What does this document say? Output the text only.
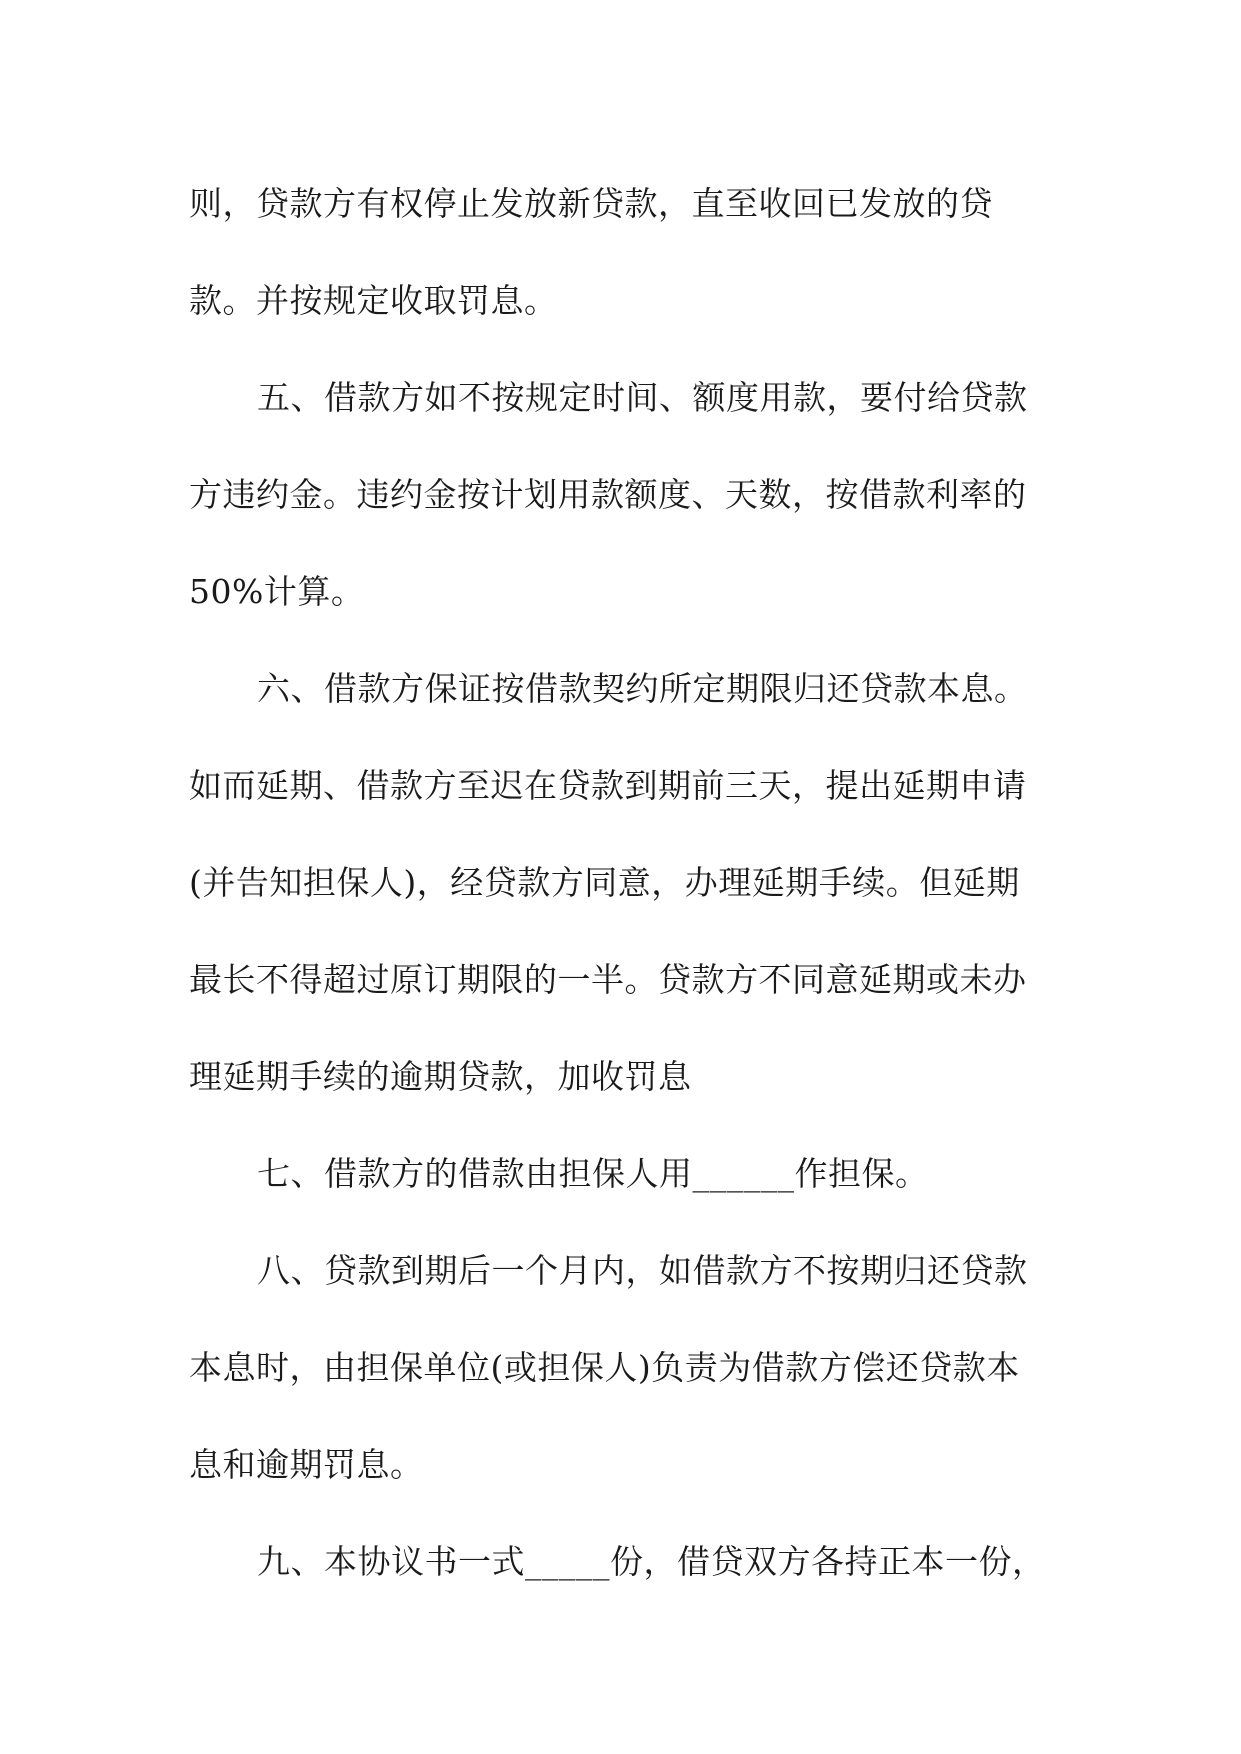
则，贷款方有权停止发放新贷款，直至收回已发放的贷
款。并按规定收取罚息。
五、借款方如不按规定时间、额度用款，要付给贷款
方违约金。违约金按计划用款额度、天数，按借款利率的
50%计算。
六、借款方保证按借款契约所定期限归还贷款本息。
如而延期、借款方至迟在贷款到期前三天，提出延期申请
(并告知担保人)，经贷款方同意，办理延期手续。但延期
最长不得超过原订期限的一半。贷款方不同意延期或未办
理延期手续的逾期贷款，加收罚息
七、借款方的借款由担保人用______作担保。
八、贷款到期后一个月内，如借款方不按期归还贷款
本息时，由担保单位(或担保人)负责为借款方偿还贷款本
息和逾期罚息。
九、本协议书一式_____份，借贷双方各持正本一份，
